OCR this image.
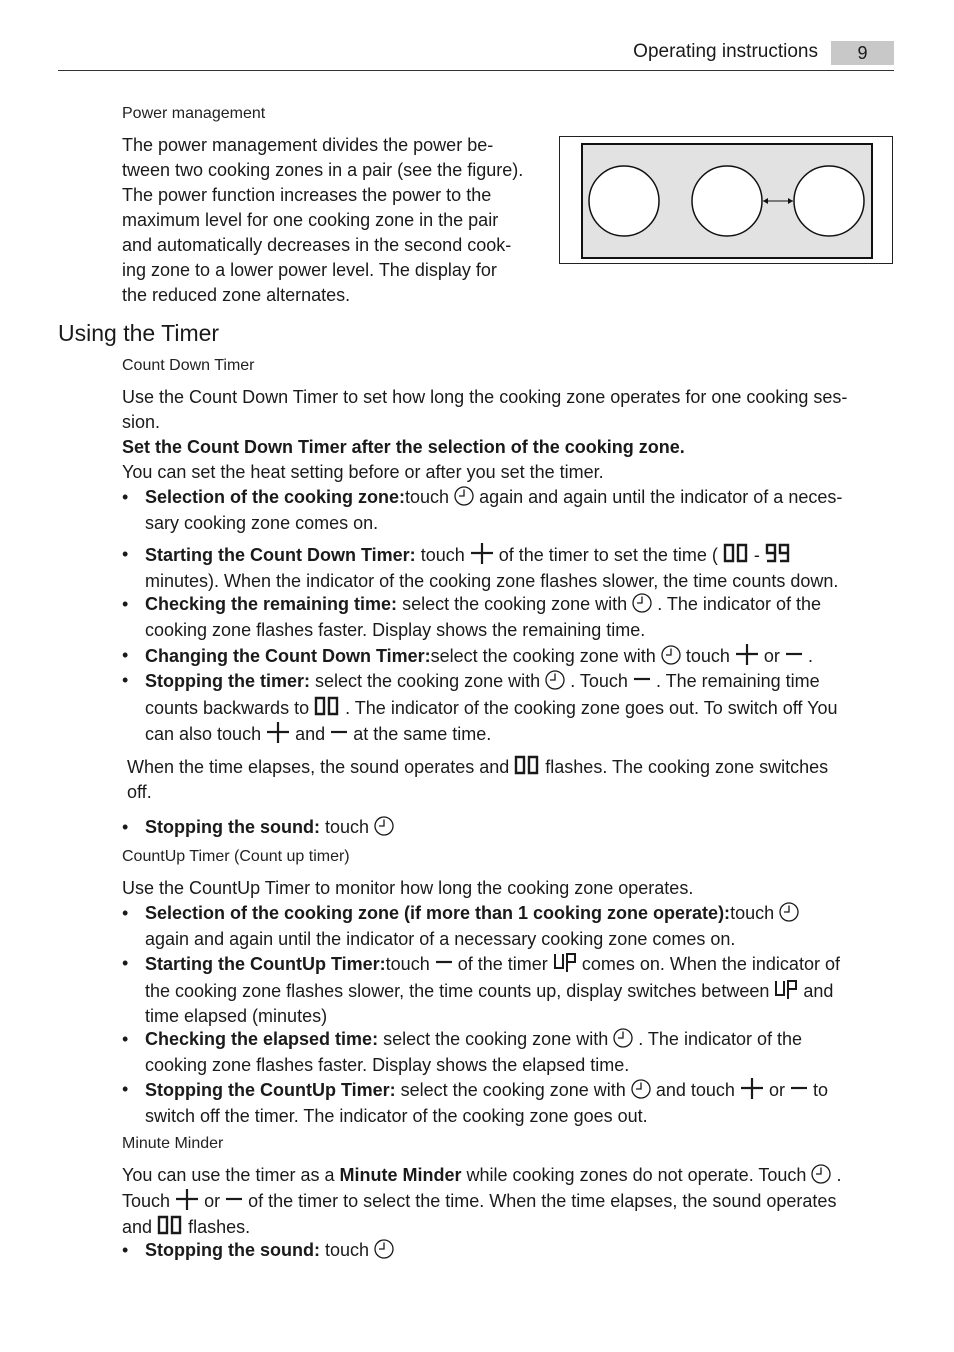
Operating instructions	9
Power management
The power management divides the power be-
tween two cooking zones in a pair (see the figure).
The power function increases the power to the
maximum level for one cooking zone in the pair
and automatically decreases in the second cook-
ing zone to a lower power level. The display for
the reduced zone alternates.
Using the Timer
Count Down Timer
Use the Count Down Timer to set how long the cooking zone operates for one cooking ses-
sion.
Set the Count Down Timer after the selection of the cooking zone.
You can set the heat setting before or after you set the timer.
• Selection of the cooking zone:touch again and again until the indicator of a neces-
sary cooking zone comes on.
• Starting the Count Down Timer: touch of the timer to set the time ( -
minutes). When the indicator of the cooking zone flashes slower, the time counts down.
• Checking the remaining time: select the cooking zone with . The indicator of the
cooking zone flashes faster. Display shows the remaining time.
• Changing the Count Down Timer:select the cooking zone with touch or .
• Stopping the timer: select the cooking zone with . Touch . The remaining time
counts backwards to . The indicator of the cooking zone goes out. To switch off You
can also touch and at the same time.
When the time elapses, the sound operates and flashes. The cooking zone switches
off.
• Stopping the sound: touch
CountUp Timer (Count up timer)
Use the CountUp Timer to monitor how long the cooking zone operates.
• Selection of the cooking zone (if more than 1 cooking zone operate):touch
again and again until the indicator of a necessary cooking zone comes on.
• Starting the CountUp Timer:touch of the timer comes on. When the indicator of
the cooking zone flashes slower, the time counts up, display switches between and
time elapsed (minutes)
• Checking the elapsed time: select the cooking zone with . The indicator of the
cooking zone flashes faster. Display shows the elapsed time.
• Stopping the CountUp Timer: select the cooking zone with and touch or to
switch off the timer. The indicator of the cooking zone goes out.
Minute Minder
You can use the timer as a Minute Minder while cooking zones do not operate. Touch .
Touch or of the timer to select the time. When the time elapses, the sound operates
and flashes.
• Stopping the sound: touch
